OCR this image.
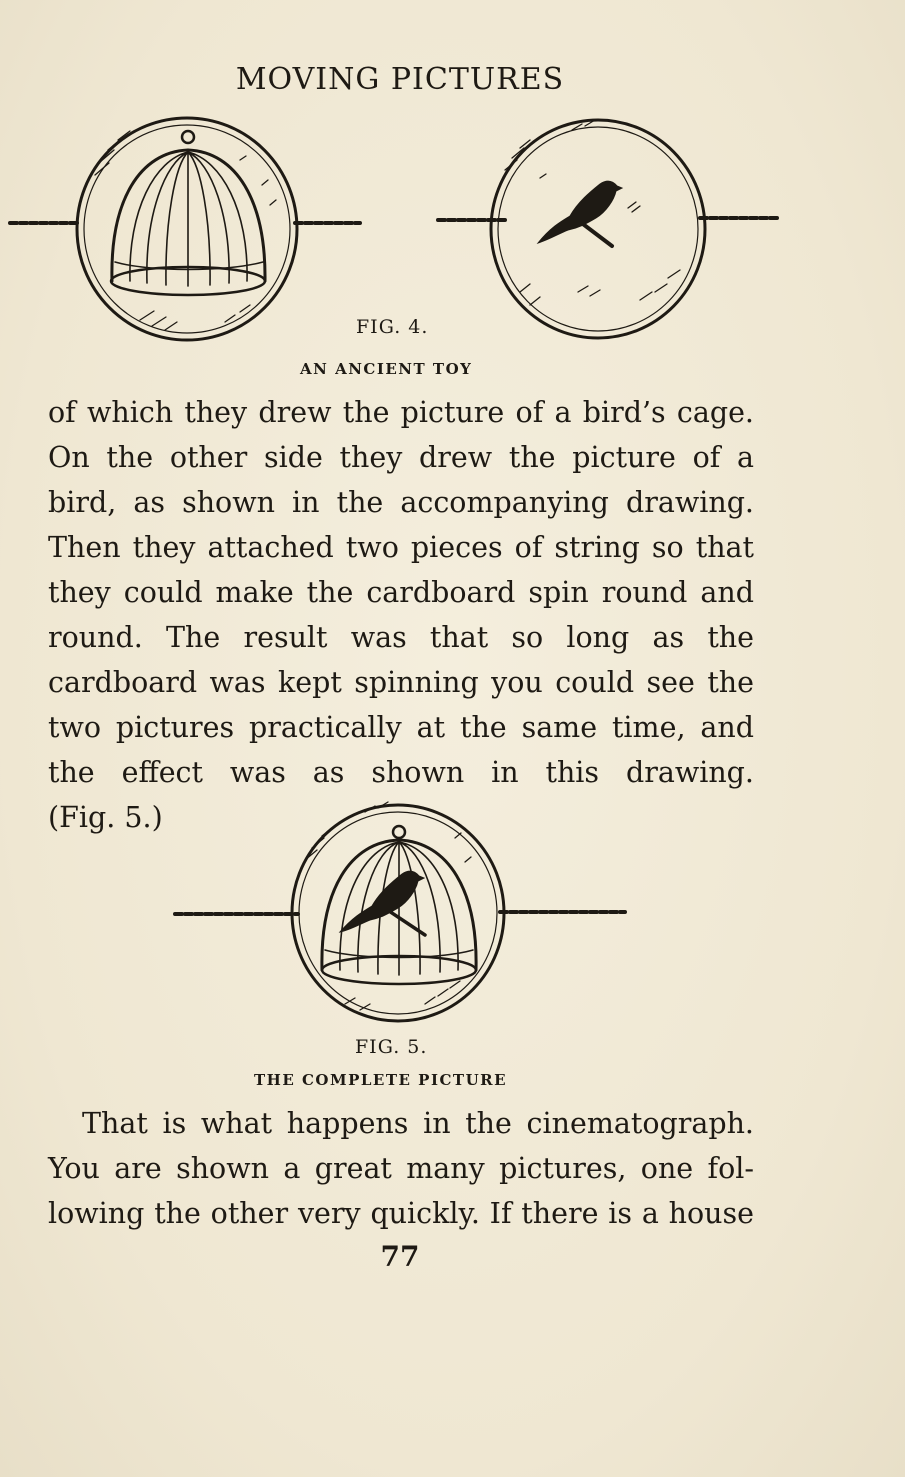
MOVING PICTURES
FIG. 4.
AN ANCIENT TOY
of which they drew the picture of a bird’s cage.
On the other side they drew the picture of a
bird, as shown in the accompanying drawing.
Then they attached two pieces of string so that
they could make the cardboard spin round and
round. The result was that so long as the
cardboard was kept spinning you could see the
two pictures practically at the same time, and
the effect was as shown in this drawing.
(Fig. 5.)
FIG. 5.
THE COMPLETE PICTURE
That is what happens in the cinematograph.
You are shown a great many pictures, one fol-
lowing the other very quickly. If there is a house
77
